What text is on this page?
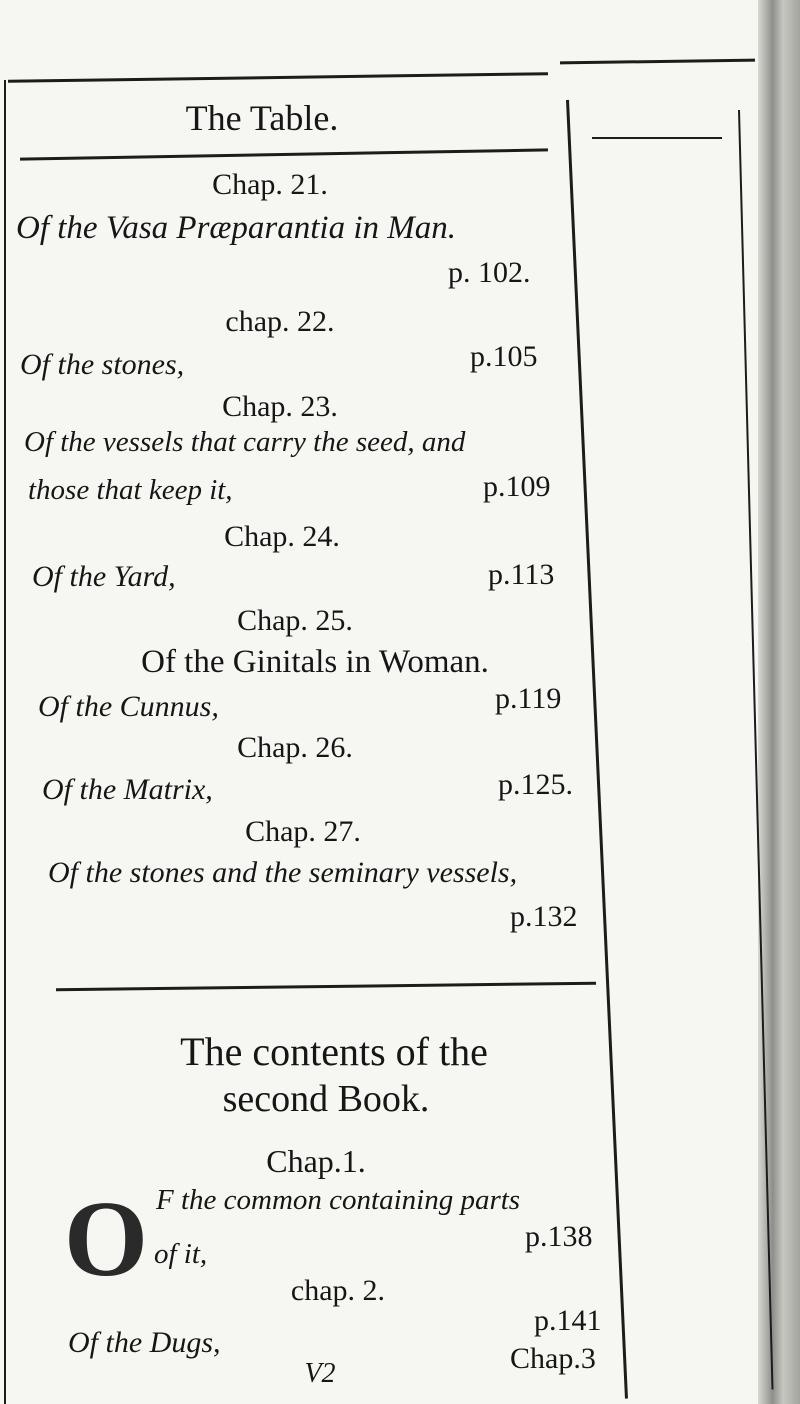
The Table.
Chap. 21.
Of the Vasa Præparantia in Man.
p. 102.
chap. 22.
Of the stones,	p.105
Chap. 23.
Of the vessels that carry the seed, and
those that keep it,	p.109
Chap. 24.
Of the Yard,	p.113
Chap. 25.
Of the Ginitals in Woman.
Of the Cunnus,	p.119
Chap. 26.
Of the Matrix,	p.125.
Chap. 27.
Of the stones and the seminary vessels,
p.132
The contents of the
second Book.
Chap.1.
O F the common containing parts
of it,
p.138
chap. 2.
Of the Dugs,
p.141
V2	Chap.3
